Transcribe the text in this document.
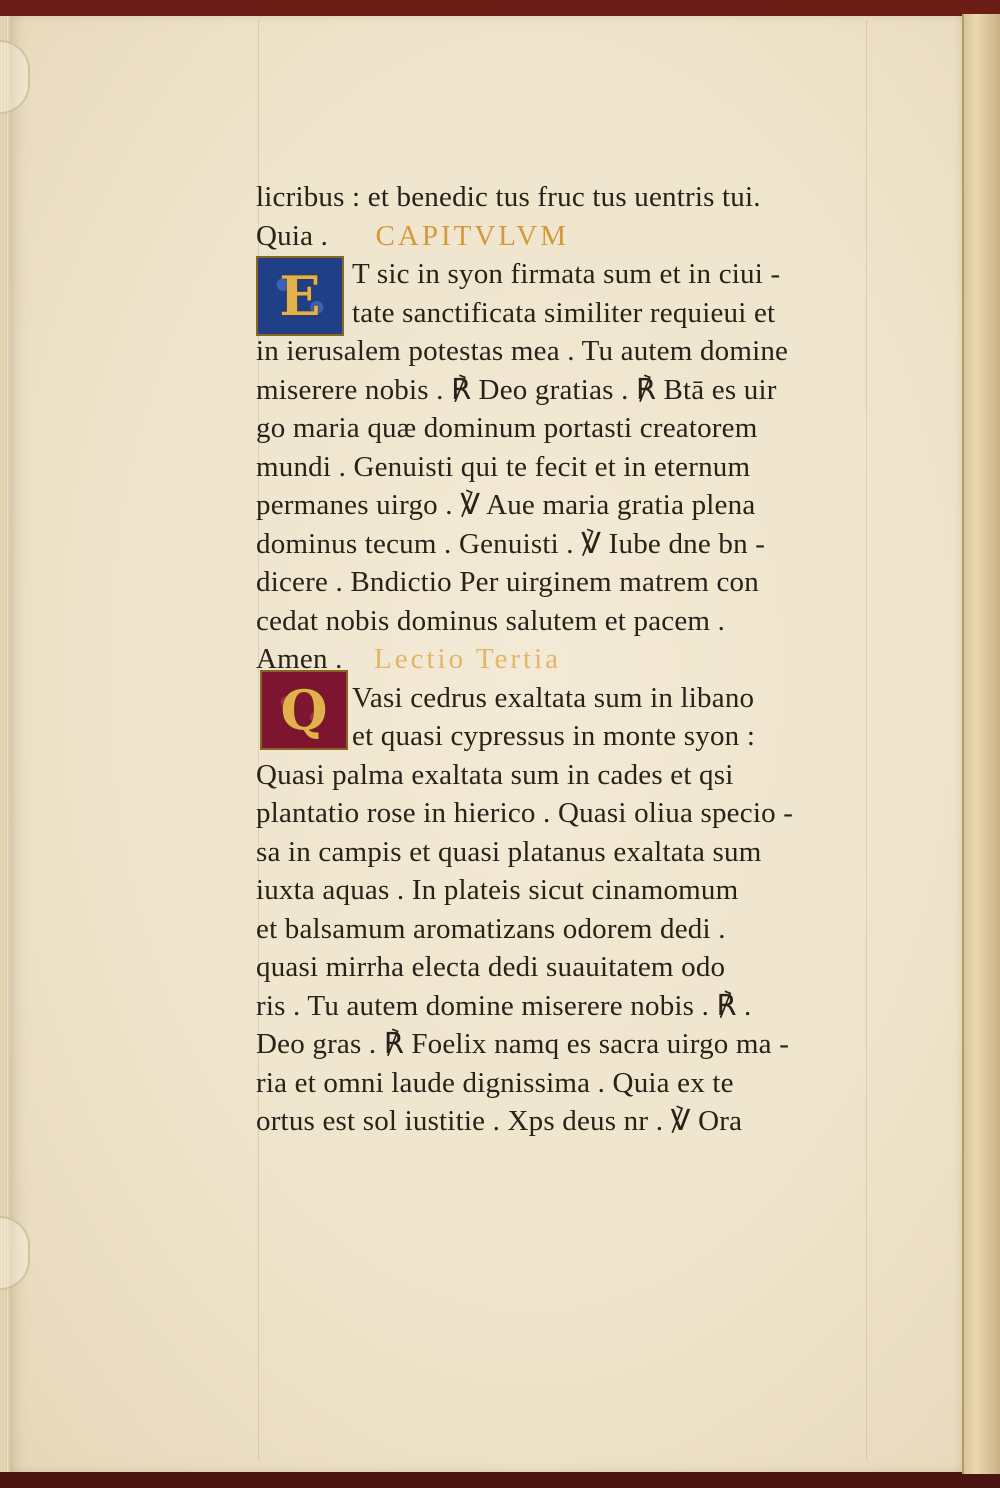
E
Q
licribus : et benedic tus fruc tus uentris tui.
Quia . CAPITVLVM
T sic in syon firmata sum et in ciui -
tate sanctificata similiter requieui et
in ierusalem potestas mea . Tu autem domine
miserere nobis . ℟ Deo gratias . ℟ Btā es uir
go maria quæ dominum portasti creatorem
mundi . Genuisti qui te fecit et in eternum
permanes uirgo . ℣ Aue maria gratia plena
dominus tecum . Genuisti . ℣ Iube dne bn -
dicere . Bndictio Per uirginem matrem con
cedat nobis dominus salutem et pacem .
Amen . Lectio Tertia
Vasi cedrus exaltata sum in libano
et quasi cypressus in monte syon :
Quasi palma exaltata sum in cades et qsi
plantatio rose in hierico . Quasi oliua specio -
sa in campis et quasi platanus exaltata sum
iuxta aquas . In plateis sicut cinamomum
et balsamum aromatizans odorem dedi .
quasi mirrha electa dedi suauitatem odo
ris . Tu autem domine miserere nobis . ℟ .
Deo gras . ℟ Foelix namq es sacra uirgo ma -
ria et omni laude dignissima . Quia ex te
ortus est sol iustitie . Xps deus nr . ℣ Ora
